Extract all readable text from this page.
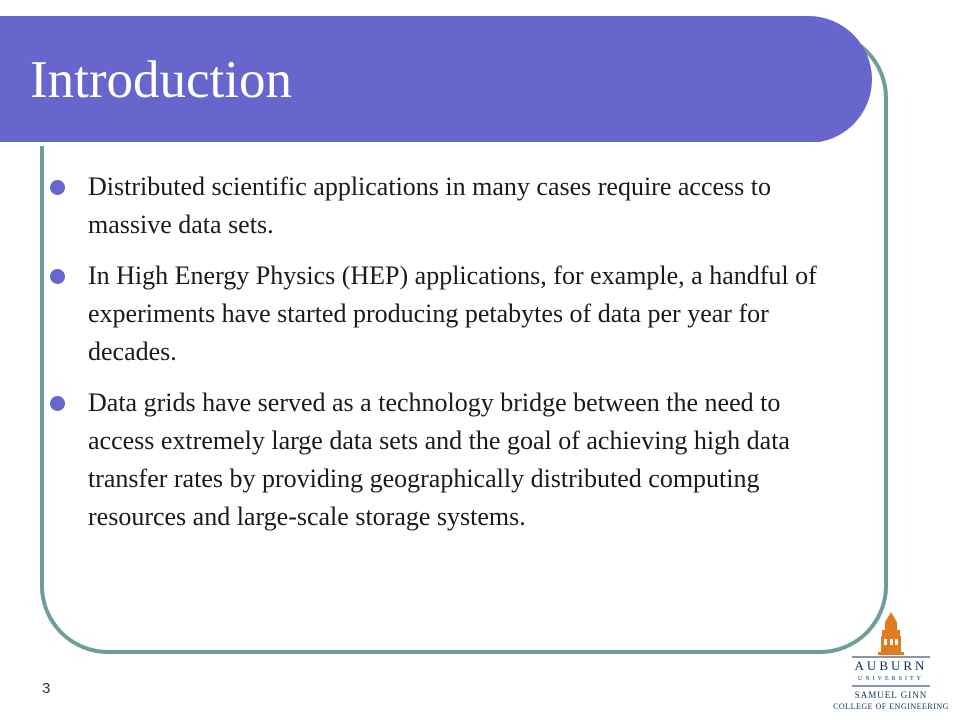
Introduction
Distributed scientific applications in many cases require access to massive data sets.
In High Energy Physics (HEP) applications, for example, a handful of experiments have started producing petabytes of data per year for decades.
Data grids have served as a technology bridge between the need to access extremely large data sets and the goal of achieving high data transfer rates by providing geographically distributed computing resources and large-scale storage systems.
3
AUBURN
UNIVERSITY
SAMUEL GINN
COLLEGE OF ENGINEERING
